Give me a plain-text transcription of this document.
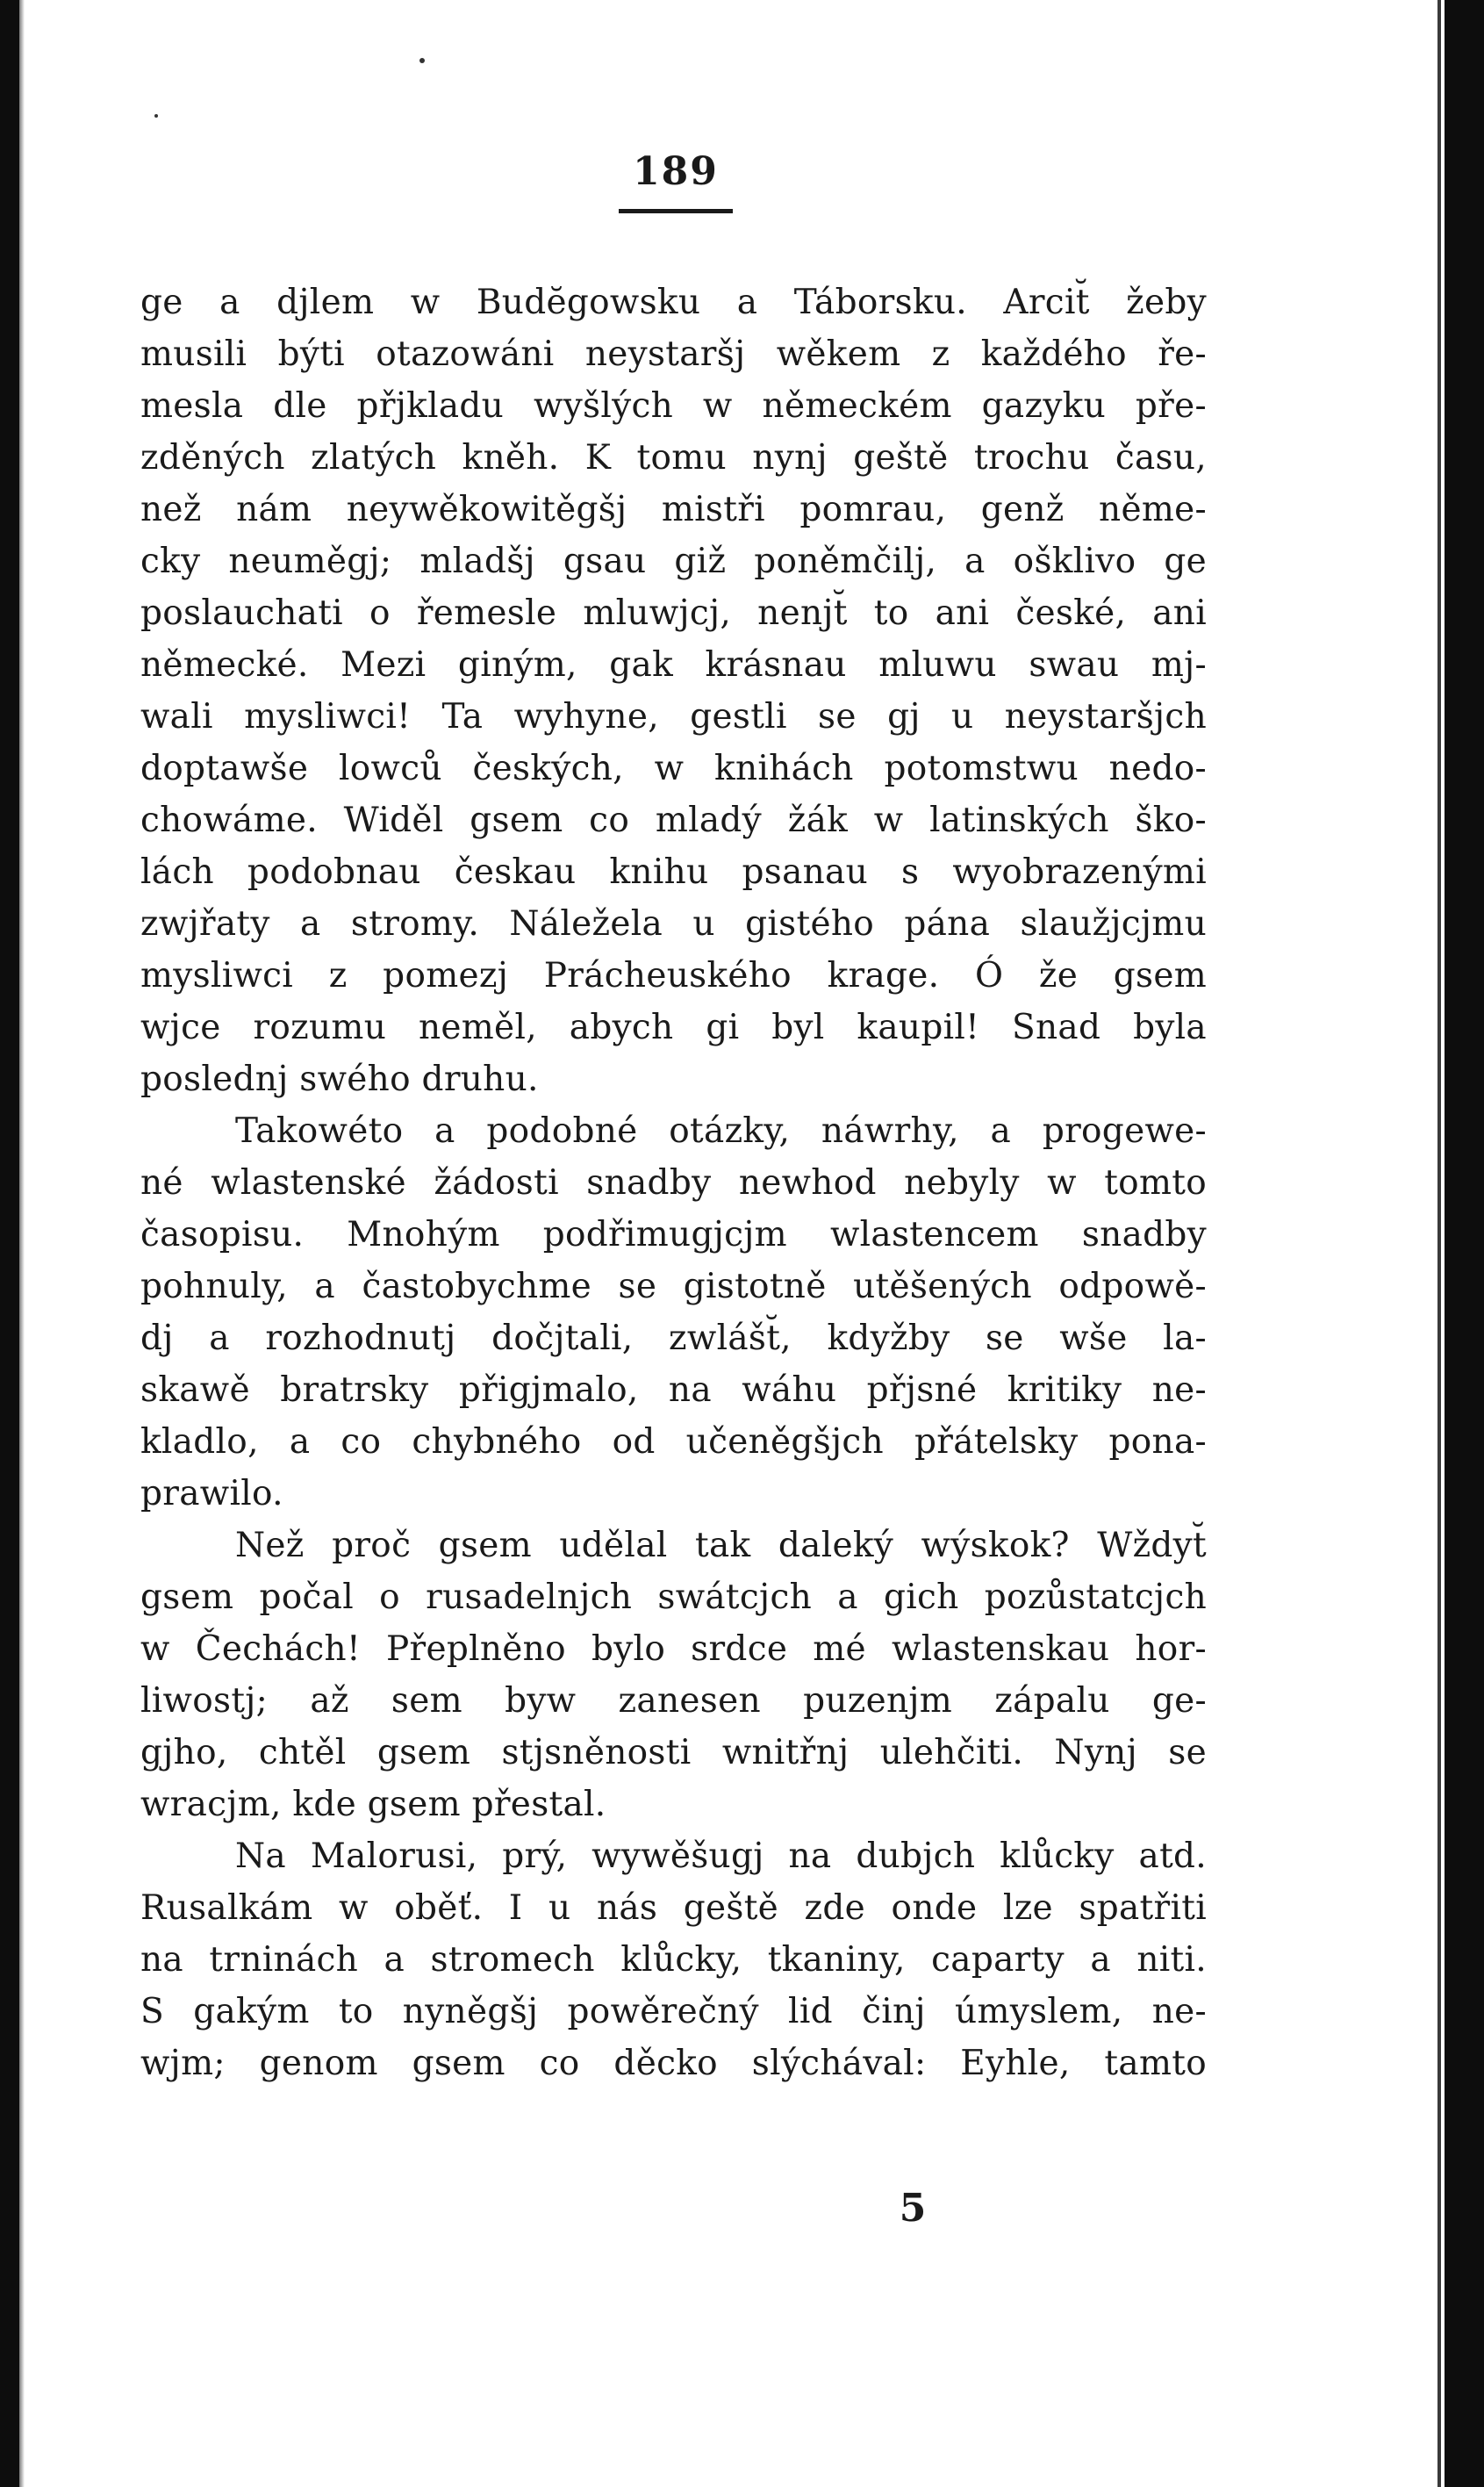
189
ge a djlem w Budĕgowsku a Táborsku. Arcit̆ žeby
musili býti otazowáni neystaršj wěkem z každého ře-
mesla dle přjkladu wyšlých w německém gazyku pře-
zděných zlatých kněh. K tomu nynj geště trochu času,
než nám neywěkowitěgšj mistři pomrau, genž něme-
cky neuměgj; mladšj gsau giž poněmčilj, a ošklivo ge
poslauchati o řemesle mluwjcj, nenjt̆ to ani české, ani
německé. Mezi giným, gak krásnau mluwu swau mj-
wali mysliwci! Ta wyhyne, gestli se gj u neystaršjch
doptawše lowců českých, w knihách potomstwu nedo-
chowáme. Widěl gsem co mladý žák w latinských ško-
lách podobnau českau knihu psanau s wyobrazenými
zwjřaty a stromy. Náležela u gistého pána slaužjcjmu
mysliwci z pomezj Prácheuského krage. Ó že gsem
wjce rozumu neměl, abych gi byl kaupil! Snad byla
poslednj swého druhu.
Takowéto a podobné otázky, náwrhy, a progewe-
né wlastenské žádosti snadby newhod nebyly w tomto
časopisu. Mnohým podřimugjcjm wlastencem snadby
pohnuly, a častobychme se gistotně utěšených odpowě-
dj a rozhodnutj dočjtali, zwlášt̆, kdyžby se wše la-
skawě bratrsky přigjmalo, na wáhu přjsné kritiky ne-
kladlo, a co chybného od učeněgšjch přátelsky pona-
prawilo.
Než proč gsem udělal tak daleký wýskok? Wždyt̆
gsem počal o rusadelnjch swátcjch a gich pozůstatcjch
w Čechách! Přeplněno bylo srdce mé wlastenskau hor-
liwostj; až sem byw zanesen puzenjm zápalu ge-
gjho, chtěl gsem stjsněnosti wnitřnj ulehčiti. Nynj se
wracjm, kde gsem přestal.
Na Malorusi, prý, wywěšugj na dubjch klůcky atd.
Rusalkám w oběť. I u nás geště zde onde lze spatřiti
na trninách a stromech klůcky, tkaniny, caparty a niti.
S gakým to nyněgšj powěrečný lid činj úmyslem, ne-
wjm; genom gsem co děcko slýchával: Eyhle, tamto
5
